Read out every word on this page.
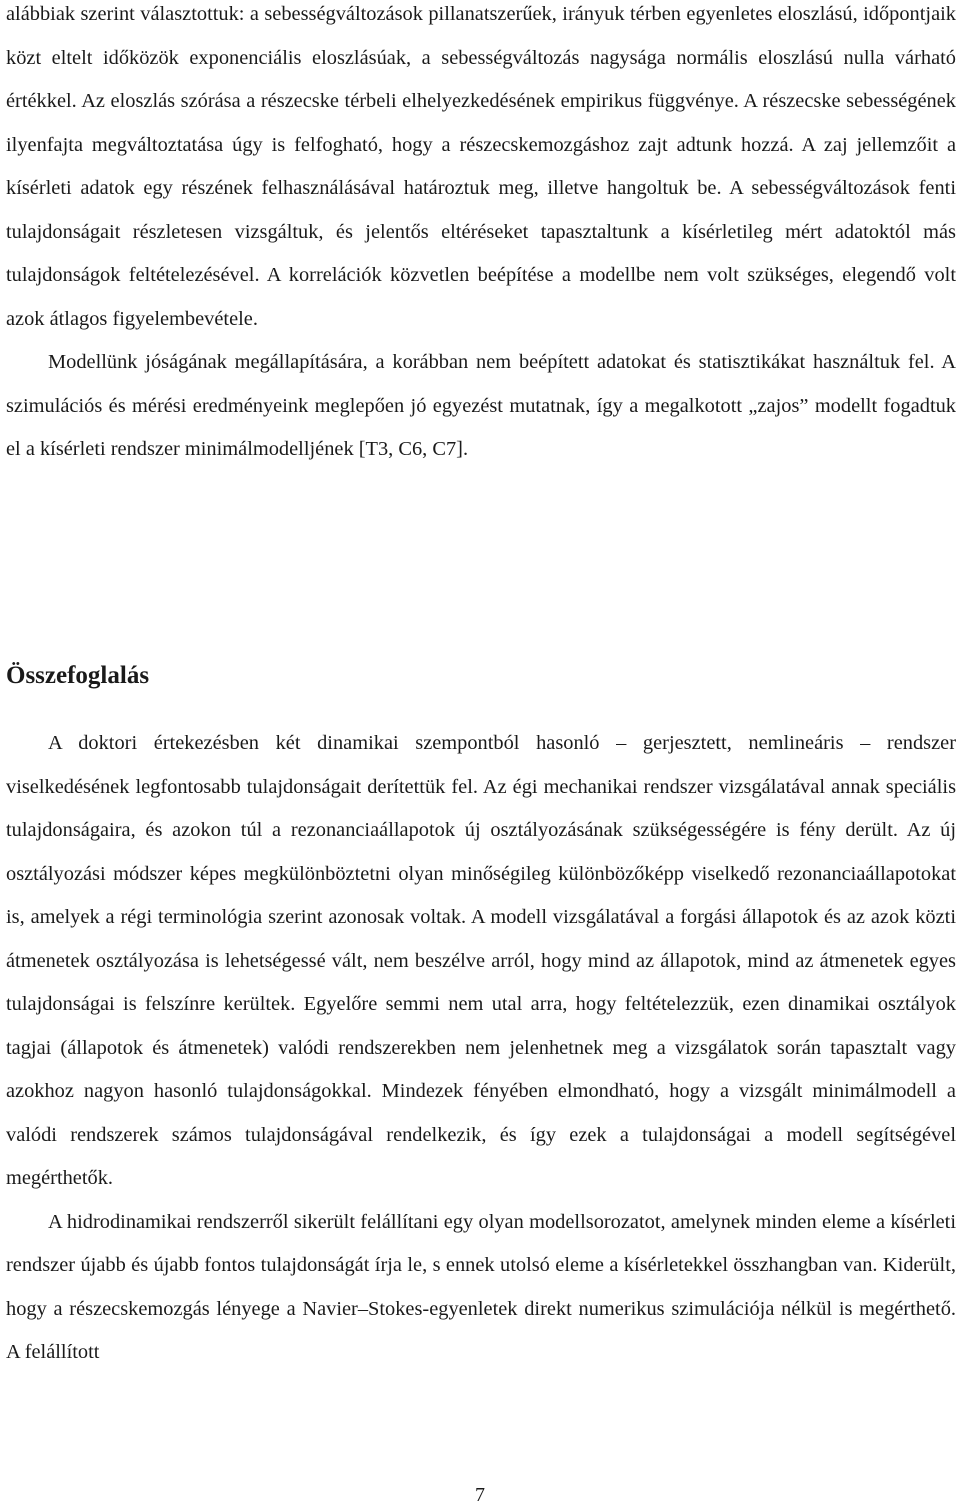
alábbiak szerint választottuk: a sebességváltozások pillanatszerűek, irányuk térben egyenletes eloszlású, időpontjaik közt eltelt időközök exponenciális eloszlásúak, a sebességváltozás nagysága normális eloszlású nulla várható értékkel. Az eloszlás szórása a részecske térbeli elhelyezkedésének empirikus függvénye. A részecske sebességének ilyenfajta megváltoztatása úgy is felfogható, hogy a részecskemozgáshoz zajt adtunk hozzá. A zaj jellemzőit a kísérleti adatok egy részének felhasználásával határoztuk meg, illetve hangoltuk be. A sebességváltozások fenti tulajdonságait részletesen vizsgáltuk, és jelentős eltéréseket tapasztaltunk a kísérletileg mért adatoktól más tulajdonságok feltételezésével. A korrelációk közvetlen beépítése a modellbe nem volt szükséges, elegendő volt azok átlagos figyelembevétele.

Modellünk jóságának megállapítására, a korábban nem beépített adatokat és statisztikákat használtuk fel. A szimulációs és mérési eredményeink meglepően jó egyezést mutatnak, így a megalkotott „zajos” modellt fogadtuk el a kísérleti rendszer minimálmodelljének [T3, C6, C7].

Összefoglalás

A doktori értekezésben két dinamikai szempontból hasonló – gerjesztett, nemlineáris – rendszer viselkedésének legfontosabb tulajdonságait derítettük fel. Az égi mechanikai rendszer vizsgálatával annak speciális tulajdonságaira, és azokon túl a rezonanciaállapotok új osztályozásának szükségességére is fény derült. Az új osztályozási módszer képes megkülönböztetni olyan minőségileg különbözőképp viselkedő rezonanciaállapotokat is, amelyek a régi terminológia szerint azonosak voltak. A modell vizsgálatával a forgási állapotok és az azok közti átmenetek osztályozása is lehetségessé vált, nem beszélve arról, hogy mind az állapotok, mind az átmenetek egyes tulajdonságai is felszínre kerültek. Egyelőre semmi nem utal arra, hogy feltételezzük, ezen dinamikai osztályok tagjai (állapotok és átmenetek) valódi rendszerekben nem jelenhetnek meg a vizsgálatok során tapasztalt vagy azokhoz nagyon hasonló tulajdonságokkal. Mindezek fényében elmondható, hogy a vizsgált minimálmodell a valódi rendszerek számos tulajdonságával rendelkezik, és így ezek a tulajdonságai a modell segítségével megérthetők.

A hidrodinamikai rendszerről sikerült felállítani egy olyan modellsorozatot, amelynek minden eleme a kísérleti rendszer újabb és újabb fontos tulajdonságát írja le, s ennek utolsó eleme a kísérletekkel összhangban van. Kiderült, hogy a részecskemozgás lényege a Navier–Stokes-egyenletek direkt numerikus szimulációja nélkül is megérthető. A felállított

7
